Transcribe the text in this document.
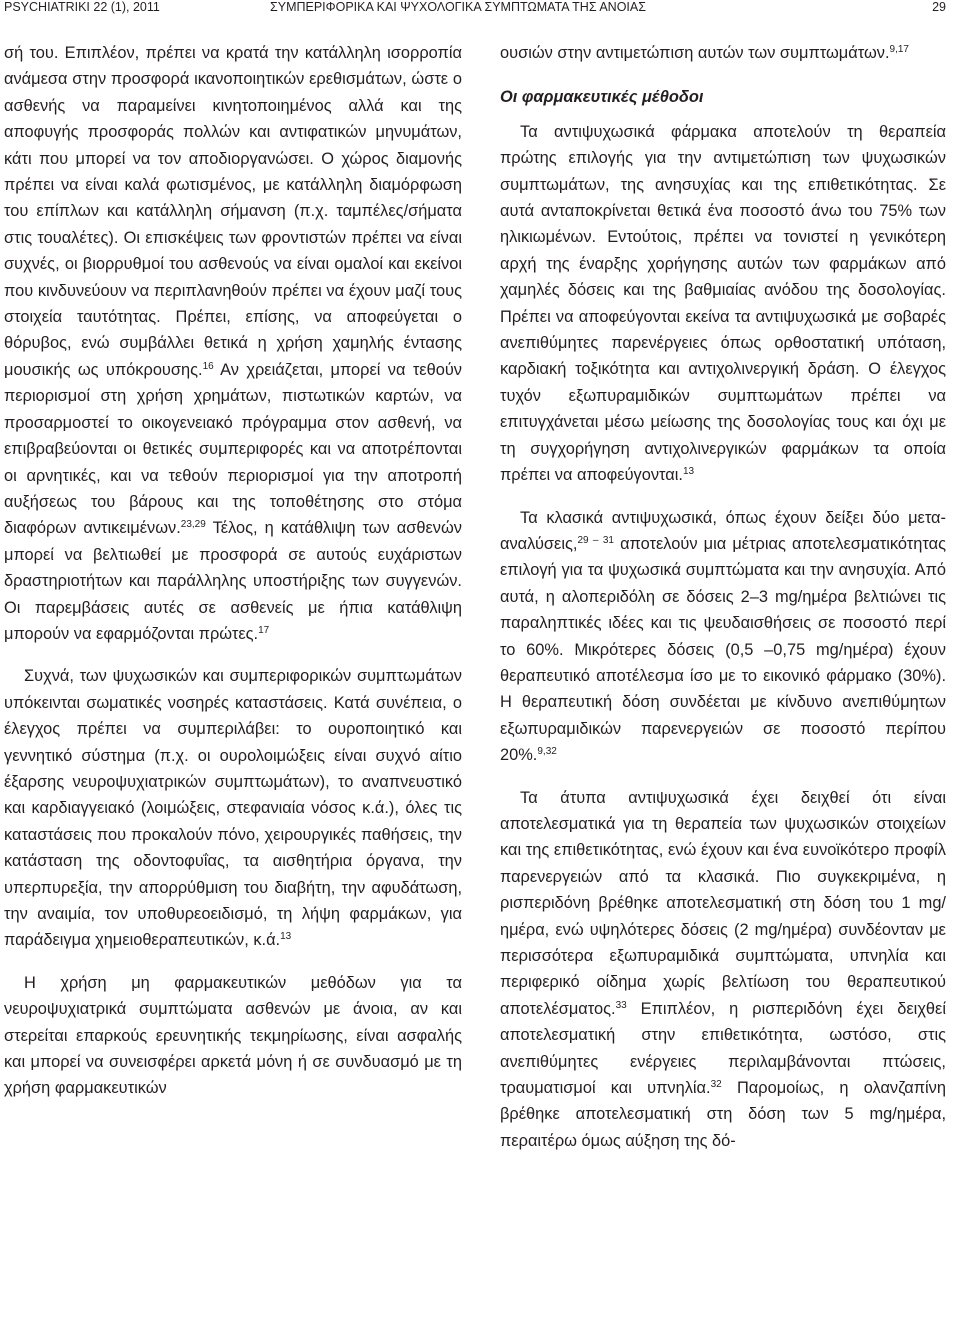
PSYCHIATRIKI 22 (1), 2011	ΣΥΜΠΕΡΙΦΟΡΙΚΑ ΚΑΙ ΨΥΧΟΛΟΓΙΚΑ ΣΥΜΠΤΩΜΑΤΑ ΤΗΣ ΑΝΟΙΑΣ	29

σή του. Επιπλέον, πρέπει να κρατά την κατάλληλη ισορροπία ανάμεσα στην προσφορά ικανοποιητικών ερεθισμάτων, ώστε ο ασθενής να παραμείνει κινητοποιημένος αλλά και της αποφυγής προσφοράς πολλών και αντιφατικών μηνυμάτων, κάτι που μπορεί να τον αποδιοργανώσει. Ο χώρος διαμονής πρέπει να είναι καλά φωτισμένος, με κατάλληλη διαμόρφωση του επίπλων και κατάλληλη σήμανση (π.χ. ταμπέλες/σήματα στις τουαλέτες). Οι επισκέψεις των φροντιστών πρέπει να είναι συχνές, οι βιορρυθμοί του ασθενούς να είναι ομαλοί και εκείνοι που κινδυνεύουν να περιπλανηθούν πρέπει να έχουν μαζί τους στοιχεία ταυτότητας. Πρέπει, επίσης, να αποφεύγεται ο θόρυβος, ενώ συμβάλλει θετικά η χρήση χαμηλής έντασης μουσικής ως υπόκρουσης.$^{16}$ Αν χρειάζεται, μπορεί να τεθούν περιορισμοί στη χρήση χρημάτων, πιστωτικών καρτών, να προσαρμοστεί το οικογενειακό πρόγραμμα στον ασθενή, να επιβραβεύονται οι θετικές συμπεριφορές και να αποτρέπονται οι αρνητικές, και να τεθούν περιορισμοί για την αποτροπή αυξήσεως του βάρους και της τοποθέτησης στο στόμα διαφόρων αντικειμένων.$^{23,29}$ Τέλος, η κατάθλιψη των ασθενών μπορεί να βελτιωθεί με προσφορά σε αυτούς ευχάριστων δραστηριοτήτων και παράλληλης υποστήριξης των συγγενών. Οι παρεμβάσεις αυτές σε ασθενείς με ήπια κατάθλιψη μπορούν να εφαρμόζονται πρώτες.$^{17}$

Συχνά, των ψυχωσικών και συμπεριφορικών συμπτωμάτων υπόκεινται σωματικές νοσηρές καταστάσεις. Κατά συνέπεια, ο έλεγχος πρέπει να συμπεριλάβει: το ουροποιητικό και γεννητικό σύστημα (π.χ. οι ουρολοιμώξεις είναι συχνό αίτιο έξαρσης νευροψυχιατρικών συμπτωμάτων), το αναπνευστικό και καρδιαγγειακό (λοιμώξεις, στεφανιαία νόσος κ.ά.), όλες τις καταστάσεις που προκαλούν πόνο, χειρουργικές παθήσεις, την κατάσταση της οδοντοφυΐας, τα αισθητήρια όργανα, την υπερπυρεξία, την απορρύθμιση του διαβήτη, την αφυδάτωση, την αναιμία, τον υποθυρεοειδισμό, τη λήψη φαρμάκων, για παράδειγμα χημειοθεραπευτικών, κ.ά.$^{13}$

Η χρήση μη φαρμακευτικών μεθόδων για τα νευροψυχιατρικά συμπτώματα ασθενών με άνοια, αν και στερείται επαρκούς ερευνητικής τεκμηρίωσης, είναι ασφαλής και μπορεί να συνεισφέρει αρκετά μόνη ή σε συνδυασμό με τη χρήση φαρμακευτικών

ουσιών στην αντιμετώπιση αυτών των συμπτωμάτων.$^{9,17}$

Οι φαρμακευτικές μέθοδοι

Τα αντιψυχωσικά φάρμακα αποτελούν τη θεραπεία πρώτης επιλογής για την αντιμετώπιση των ψυχωσικών συμπτωμάτων, της ανησυχίας και της επιθετικότητας. Σε αυτά ανταποκρίνεται θετικά ένα ποσοστό άνω του 75% των ηλικιωμένων. Εντούτοις, πρέπει να τονιστεί η γενικότερη αρχή της έναρξης χορήγησης αυτών των φαρμάκων από χαμηλές δόσεις και της βαθμιαίας ανόδου της δοσολογίας. Πρέπει να αποφεύγονται εκείνα τα αντιψυχωσικά με σοβαρές ανεπιθύμητες παρενέργειες όπως ορθοστατική υπόταση, καρδιακή τοξικότητα και αντιχολινεργική δράση. Ο έλεγχος τυχόν εξωπυραμιδικών συμπτωμάτων πρέπει να επιτυγχάνεται μέσω μείωσης της δοσολογίας τους και όχι με τη συγχορήγηση αντιχολινεργικών φαρμάκων τα οποία πρέπει να αποφεύγονται.$^{13}$

Τα κλασικά αντιψυχωσικά, όπως έχουν δείξει δύο μετα-αναλύσεις,$^{29 - 31}$ αποτελούν μια μέτριας αποτελεσματικότητας επιλογή για τα ψυχωσικά συμπτώματα και την ανησυχία. Από αυτά, η αλοπεριδόλη σε δόσεις 2–3 mg/ημέρα βελτιώνει τις παραληπτικές ιδέες και τις ψευδαισθήσεις σε ποσοστό περί το 60%. Μικρότερες δόσεις (0,5 –0,75 mg/ημέρα) έχουν θεραπευτικό αποτέλεσμα ίσο με το εικονικό φάρμακο (30%). Η θεραπευτική δόση συνδέεται με κίνδυνο ανεπιθύμητων εξωπυραμιδικών παρενεργειών σε ποσοστό περίπου 20%.$^{9,32}$

Τα άτυπα αντιψυχωσικά έχει δειχθεί ότι είναι αποτελεσματικά για τη θεραπεία των ψυχωσικών στοιχείων και της επιθετικότητας, ενώ έχουν και ένα ευνοϊκότερο προφίλ παρενεργειών από τα κλασικά. Πιο συγκεκριμένα, η ρισπεριδόνη βρέθηκε αποτελεσματική στη δόση του 1 mg/ημέρα, ενώ υψηλότερες δόσεις (2 mg/ημέρα) συνδέονταν με περισσότερα εξωπυραμιδικά συμπτώματα, υπνηλία και περιφερικό οίδημα χωρίς βελτίωση του θεραπευτικού αποτελέσματος.$^{33}$ Επιπλέον, η ρισπεριδόνη έχει δειχθεί αποτελεσματική στην επιθετικότητα, ωστόσο, στις ανεπιθύμητες ενέργειες περιλαμβάνονται πτώσεις, τραυματισμοί και υπνηλία.$^{32}$ Παρομοίως, η ολανζαπίνη βρέθηκε αποτελεσματική στη δόση των 5 mg/ημέρα, περαιτέρω όμως αύξηση της δό-
